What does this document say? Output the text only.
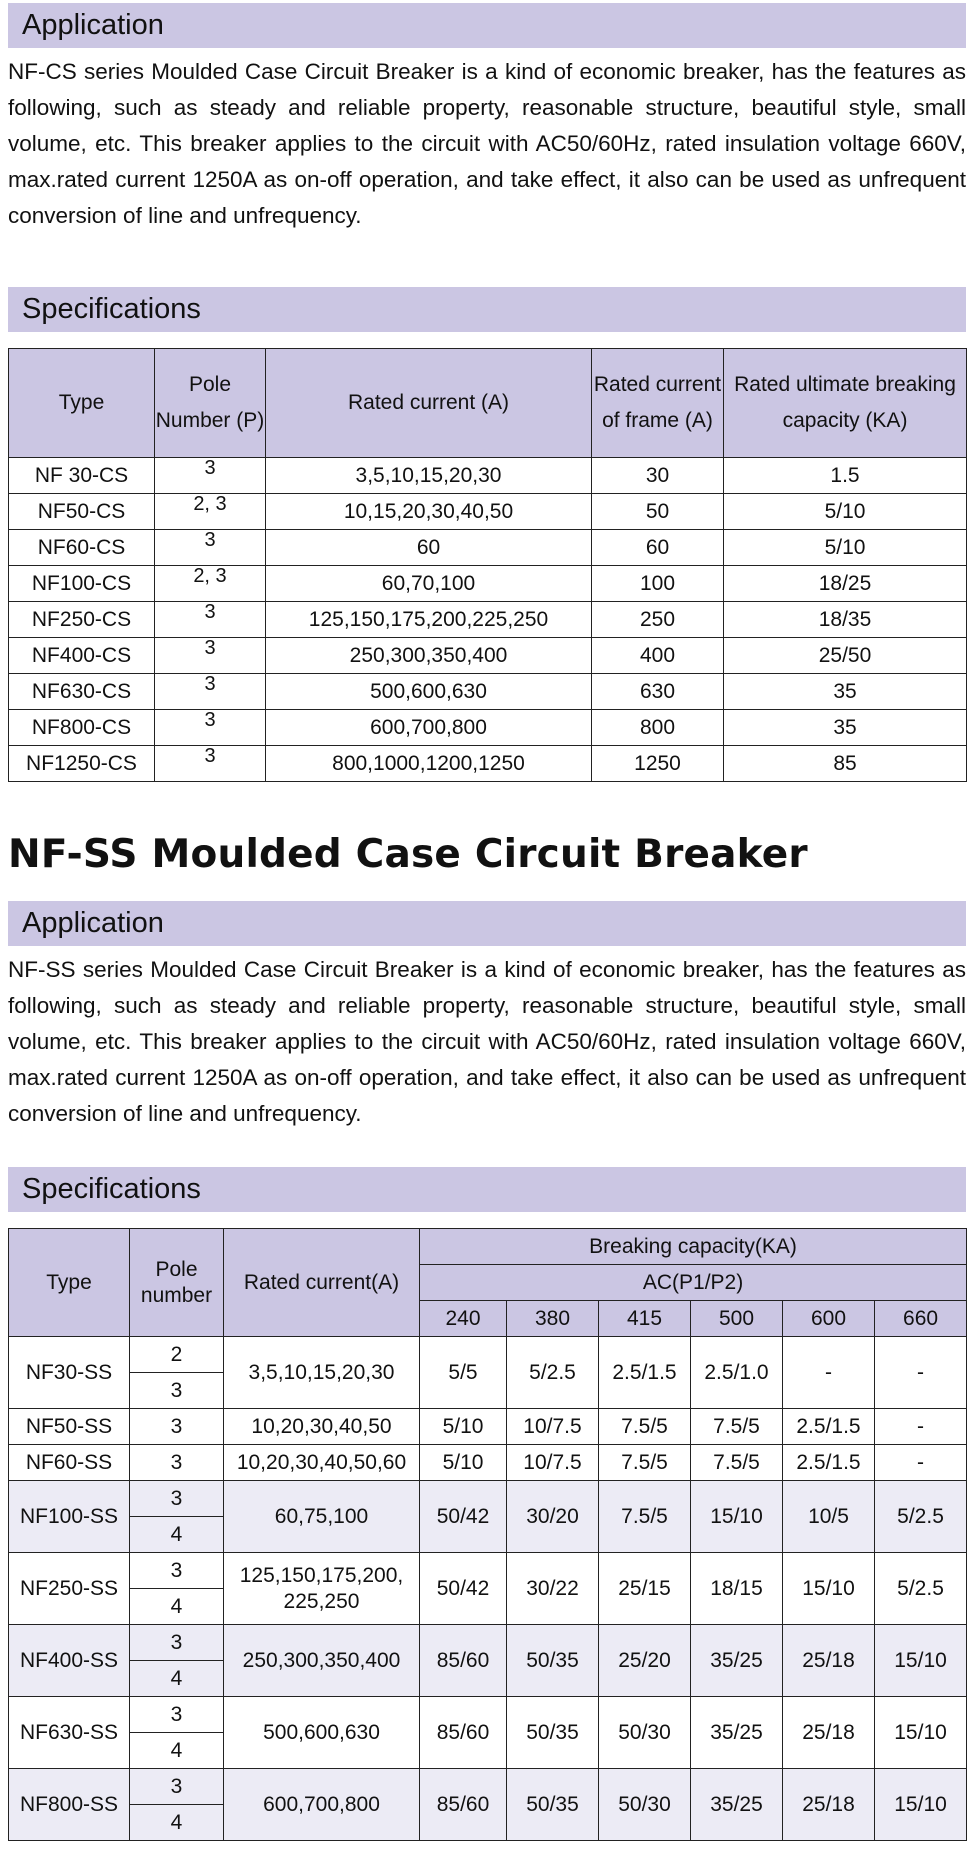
Application

NF-CS series Moulded Case Circuit Breaker is a kind of economic breaker, has the features as following, such as steady and reliable property, reasonable structure, beautiful style, small volume, etc. This breaker applies to the circuit with AC50/60Hz, rated insulation voltage 660V, max.rated current 1250A as on-off operation, and take effect, it also can be used as unfrequent conversion of line and unfrequency.

Specifications
Type	Pole Number (P)	Rated current (A)	Rated current of frame (A)	Rated ultimate breaking capacity (KA)
NF 30-CS	3	3,5,10,15,20,30	30	1.5
NF50-CS	2, 3	10,15,20,30,40,50	50	5/10
NF60-CS	3	60	60	5/10
NF100-CS	2, 3	60,70,100	100	18/25
NF250-CS	3	125,150,175,200,225,250	250	18/35
NF400-CS	3	250,300,350,400	400	25/50
NF630-CS	3	500,600,630	630	35
NF800-CS	3	600,700,800	800	35
NF1250-CS	3	800,1000,1200,1250	1250	85
NF-SS Moulded Case Circuit Breaker
Application

NF-SS series Moulded Case Circuit Breaker is a kind of economic breaker, has the features as following, such as steady and reliable property, reasonable structure, beautiful style, small volume, etc. This breaker applies to the circuit with AC50/60Hz, rated insulation voltage 660V, max.rated current 1250A as on-off operation, and take effect, it also can be used as unfrequent conversion of line and unfrequency.

Specifications
Type	Pole number	Rated current(A)	Breaking capacity(KA)					
			AC(P1/P2)					
			240	380	415	500	600	660
NF30-SS	2	3,5,10,15,20,30	5/5	5/2.5	2.5/1.5	2.5/1.0	-	-
	3							
NF50-SS	3	10,20,30,40,50	5/10	10/7.5	7.5/5	7.5/5	2.5/1.5	-
NF60-SS	3	10,20,30,40,50,60	5/10	10/7.5	7.5/5	7.5/5	2.5/1.5	-
NF100-SS	3	60,75,100	50/42	30/20	7.5/5	15/10	10/5	5/2.5
	4							
NF250-SS	3	125,150,175,200,
225,250	50/42	30/22	25/15	18/15	15/10	5/2.5
	4							
NF400-SS	3	250,300,350,400	85/60	50/35	25/20	35/25	25/18	15/10
	4							
NF630-SS	3	500,600,630	85/60	50/35	50/30	35/25	25/18	15/10
	4							
NF800-SS	3	600,700,800	85/60	50/35	50/30	35/25	25/18	15/10
	4							
